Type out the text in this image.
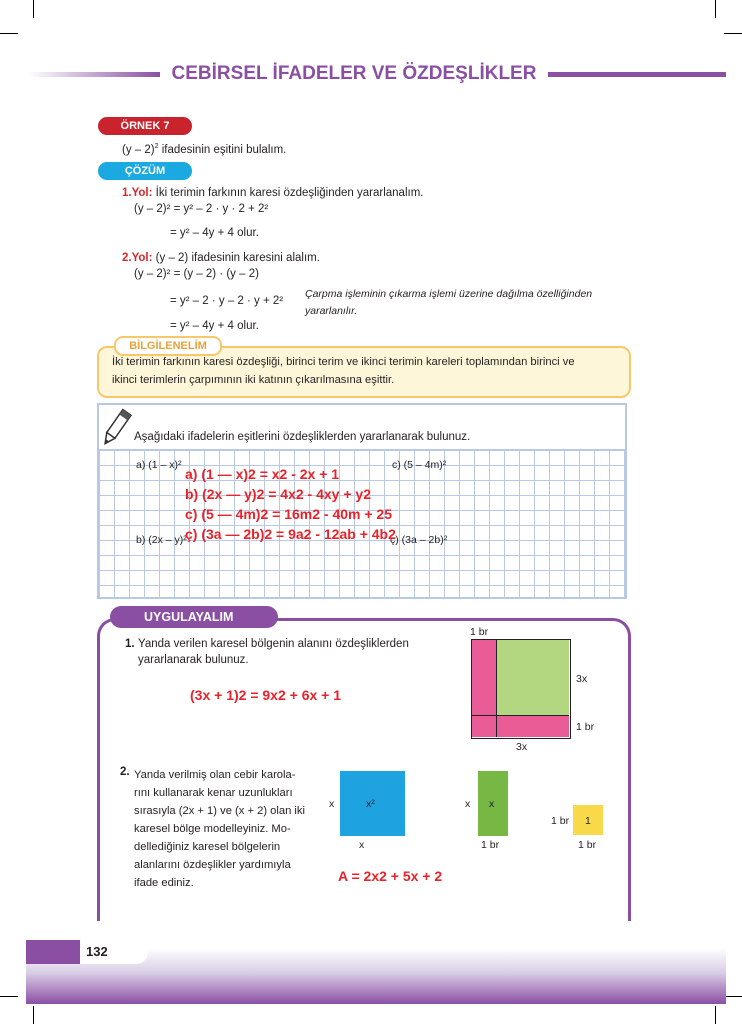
CEBİRSEL İFADELER VE ÖZDEŞLİKLER
ÖRNEK 7
(y – 2)$^2$ ifadesinin eşitini bulalım.
ÇÖZÜM
1.Yol: İki terimin farkının karesi özdeşliğinden yararlanalım.
(y – 2)² = y² – 2 · y · 2 + 2²
= y² – 4y + 4 olur.
2.Yol: (y – 2) ifadesinin karesini alalım.
(y – 2)² = (y – 2) · (y – 2)
= y² – 2 · y – 2 · y + 2²
= y² – 4y + 4 olur.
Çarpma işleminin çıkarma işlemi üzerine dağılma özelliğinden
yararlanılır.
BİLGİLENELİM
İki terimin farkının karesi özdeşliği, birinci terim ve ikinci terimin kareleri toplamından birinci ve
ikinci terimlerin çarpımının iki katının çıkarılmasına eşittir.
Aşağıdaki ifadelerin eşitlerini özdeşliklerden yararlanarak bulunuz.
a) (1 – x)²	c) (5 – 4m)²
b) (2x – y)²	ç) (3a – 2b)²
a) (1 — x)2 = x2 - 2x + 1
b) (2x — y)2 = 4x2 - 4xy + y2
c) (5 — 4m)2 = 16m2 - 40m + 25
ç) (3a — 2b)2 = 9a2 - 12ab + 4b2
UYGULAYALIM
1. Yanda verilen karesel bölgenin alanını özdeşliklerden
yararlanarak bulunuz.
(3x + 1)2 = 9x2 + 6x + 1
1 br
3x
1 br
3x
2. Yanda verilmiş olan cebir karola-
rını kullanarak kenar uzunlukları
sırasıyla (2x + 1) ve (x + 2) olan iki
karesel bölge modelleyiniz. Mo-
dellediğiniz karesel bölgelerin
alanlarını özdeşlikler yardımıyla
ifade ediniz.
x²
x
x
x
x
1 br
1
1 br
1 br
A = 2x2 + 5x + 2
132
